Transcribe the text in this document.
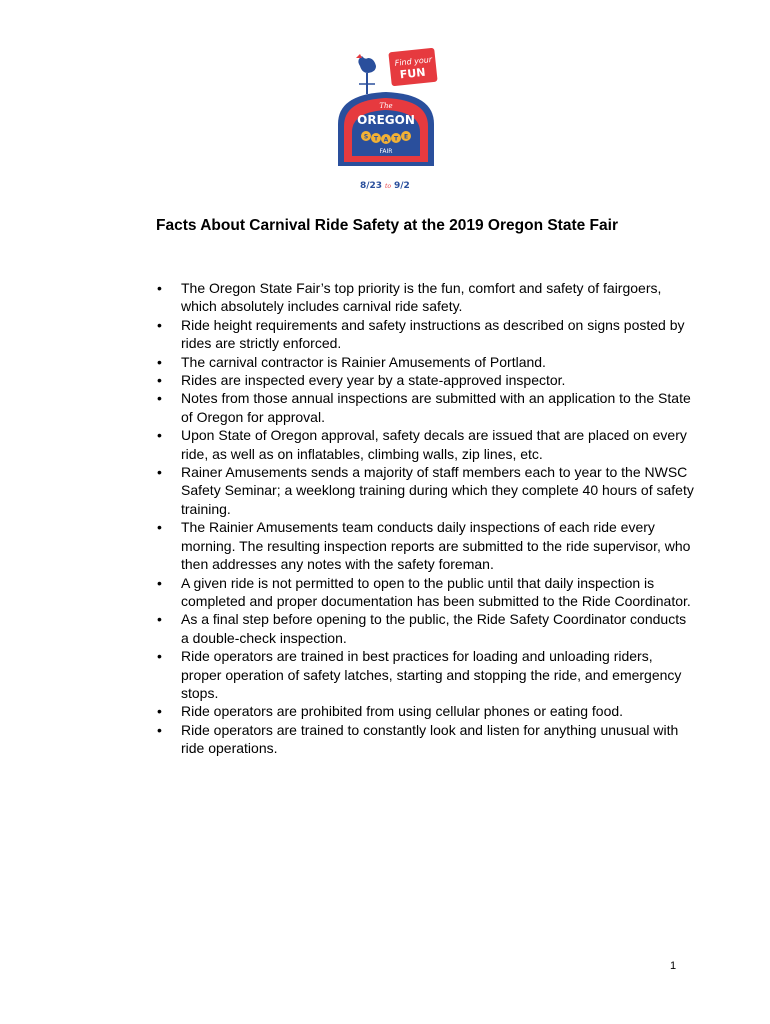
Find your
FUN
The
OREGON
S T A T E
FAIR
8/23 to 9/2
Facts About Carnival Ride Safety at the 2019 Oregon State Fair
• The Oregon State Fair’s top priority is the fun, comfort and safety of fairgoers, which absolutely includes carnival ride safety.
• Ride height requirements and safety instructions as described on signs posted by rides are strictly enforced.
• The carnival contractor is Rainier Amusements of Portland.
• Rides are inspected every year by a state-approved inspector.
• Notes from those annual inspections are submitted with an application to the State of Oregon for approval.
• Upon State of Oregon approval, safety decals are issued that are placed on every ride, as well as on inflatables, climbing walls, zip lines, etc.
• Rainer Amusements sends a majority of staff members each to year to the NWSC Safety Seminar; a weeklong training during which they complete 40 hours of safety training.
• The Rainier Amusements team conducts daily inspections of each ride every morning. The resulting inspection reports are submitted to the ride supervisor, who then addresses any notes with the safety foreman.
• A given ride is not permitted to open to the public until that daily inspection is completed and proper documentation has been submitted to the Ride Coordinator.
• As a final step before opening to the public, the Ride Safety Coordinator conducts a double-check inspection.
• Ride operators are trained in best practices for loading and unloading riders, proper operation of safety latches, starting and stopping the ride, and emergency stops.
• Ride operators are prohibited from using cellular phones or eating food.
• Ride operators are trained to constantly look and listen for anything unusual with ride operations.
1
